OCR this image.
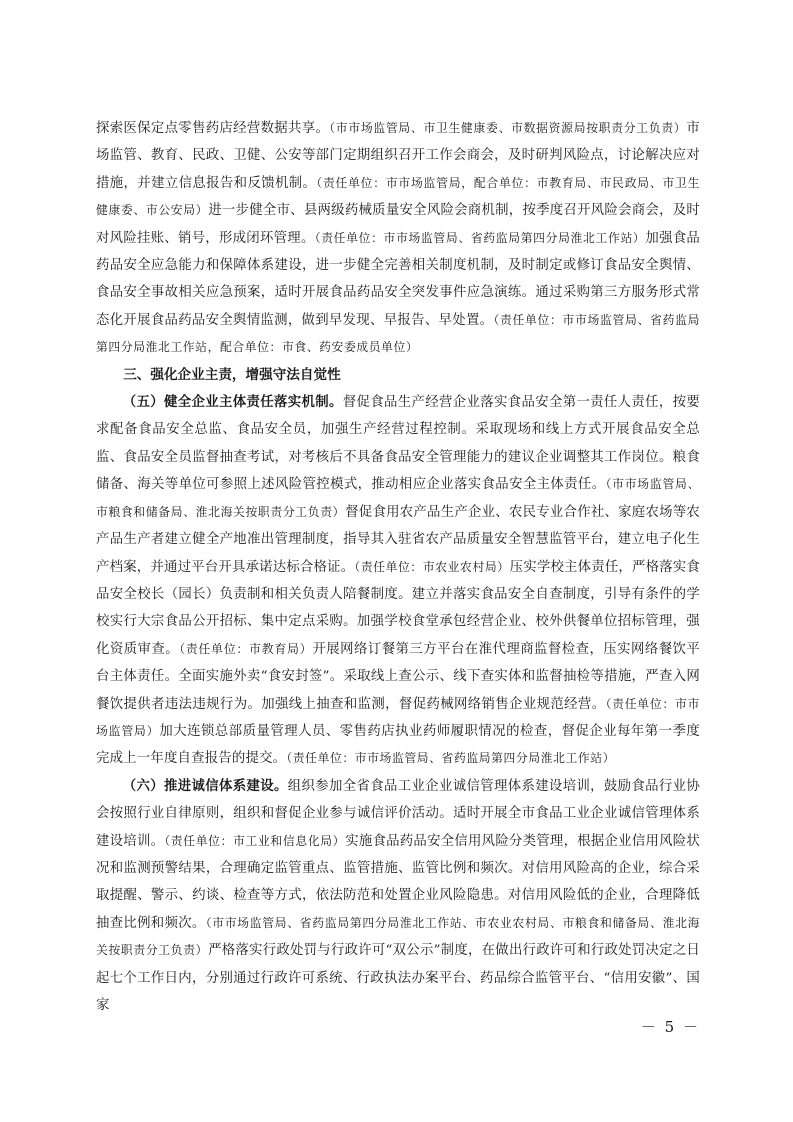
探索医保定点零售药店经营数据共享。（市市场监管局、市卫生健康委、市数据资源局按职责分工负责）市场监管、教育、民政、卫健、公安等部门定期组织召开工作会商会，及时研判风险点，讨论解决应对措施，并建立信息报告和反馈机制。（责任单位：市市场监管局，配合单位：市教育局、市民政局、市卫生健康委、市公安局）进一步健全市、县两级药械质量安全风险会商机制，按季度召开风险会商会，及时对风险挂账、销号，形成闭环管理。（责任单位：市市场监管局、省药监局第四分局淮北工作站）加强食品药品安全应急能力和保障体系建设，进一步健全完善相关制度机制，及时制定或修订食品安全舆情、食品安全事故相关应急预案，适时开展食品药品安全突发事件应急演练。通过采购第三方服务形式常态化开展食品药品安全舆情监测，做到早发现、早报告、早处置。（责任单位：市市场监管局、省药监局第四分局淮北工作站，配合单位：市食、药安委成员单位）

三、强化企业主责，增强守法自觉性

（五）健全企业主体责任落实机制。督促食品生产经营企业落实食品安全第一责任人责任，按要求配备食品安全总监、食品安全员，加强生产经营过程控制。采取现场和线上方式开展食品安全总监、食品安全员监督抽查考试，对考核后不具备食品安全管理能力的建议企业调整其工作岗位。粮食储备、海关等单位可参照上述风险管控模式，推动相应企业落实食品安全主体责任。（市市场监管局、市粮食和储备局、淮北海关按职责分工负责）督促食用农产品生产企业、农民专业合作社、家庭农场等农产品生产者建立健全产地准出管理制度，指导其入驻省农产品质量安全智慧监管平台，建立电子化生产档案，并通过平台开具承诺达标合格证。（责任单位：市农业农村局）压实学校主体责任，严格落实食品安全校长（园长）负责制和相关负责人陪餐制度。建立并落实食品安全自查制度，引导有条件的学校实行大宗食品公开招标、集中定点采购。加强学校食堂承包经营企业、校外供餐单位招标管理，强化资质审查。（责任单位：市教育局）开展网络订餐第三方平台在淮代理商监督检查，压实网络餐饮平台主体责任。全面实施外卖“食安封签”。采取线上查公示、线下查实体和监督抽检等措施，严查入网餐饮提供者违法违规行为。加强线上抽查和监测，督促药械网络销售企业规范经营。（责任单位：市市场监管局）加大连锁总部质量管理人员、零售药店执业药师履职情况的检查，督促企业每年第一季度完成上一年度自查报告的提交。（责任单位：市市场监管局、省药监局第四分局淮北工作站）

（六）推进诚信体系建设。组织参加全省食品工业企业诚信管理体系建设培训，鼓励食品行业协会按照行业自律原则，组织和督促企业参与诚信评价活动。适时开展全市食品工业企业诚信管理体系建设培训。（责任单位：市工业和信息化局）实施食品药品安全信用风险分类管理，根据企业信用风险状况和监测预警结果，合理确定监管重点、监管措施、监管比例和频次。对信用风险高的企业，综合采取提醒、警示、约谈、检查等方式，依法防范和处置企业风险隐患。对信用风险低的企业，合理降低抽查比例和频次。（市市场监管局、省药监局第四分局淮北工作站、市农业农村局、市粮食和储备局、淮北海关按职责分工负责）严格落实行政处罚与行政许可“双公示”制度，在做出行政许可和行政处罚决定之日起七个工作日内，分别通过行政许可系统、行政执法办案平台、药品综合监管平台、“信用安徽”、国家

－ 5 －
